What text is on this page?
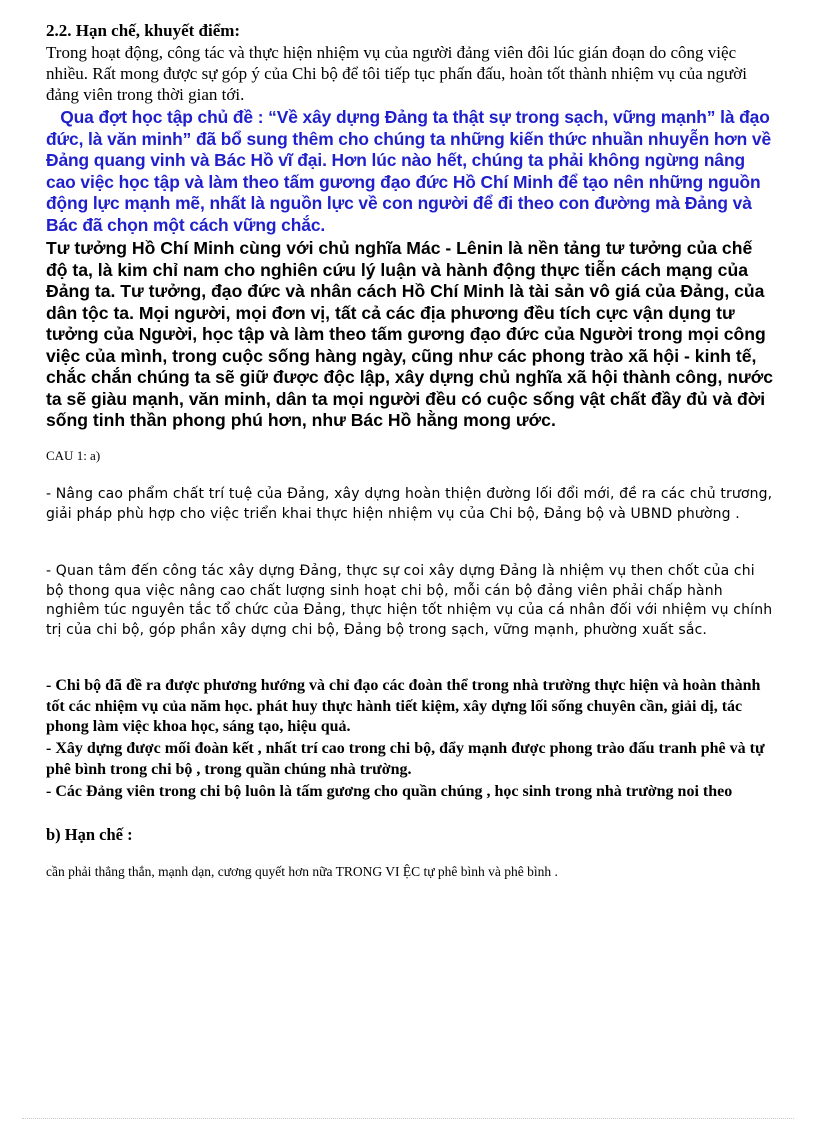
2.2. Hạn chế, khuyết điểm:

Trong hoạt động, công tác và thực hiện nhiệm vụ của người đảng viên đôi lúc gián đoạn do công việc nhiều. Rất mong được sự góp ý của Chi bộ để tôi tiếp tục phấn đấu, hoàn tốt thành nhiệm vụ của người đảng viên trong thời gian tới.

Qua đợt học tập chủ đề : “Về xây dựng Đảng ta thật sự trong sạch, vững mạnh” là đạo đức, là văn minh” đã bổ sung thêm cho chúng ta những kiến thức nhuần nhuyễn hơn về Đảng quang vinh và Bác Hồ vĩ đại. Hơn lúc nào hết, chúng ta phải không ngừng nâng cao việc học tập và làm theo tấm gương đạo đức Hồ Chí Minh để tạo nên những nguồn động lực mạnh mẽ, nhất là nguồn lực về con người để đi theo con đường mà Đảng và Bác đã chọn một cách vững chắc.

Tư tưởng Hồ Chí Minh cùng với chủ nghĩa Mác - Lênin là nền tảng tư tưởng của chế độ ta, là kim chỉ nam cho nghiên cứu lý luận và hành động thực tiễn cách mạng của Đảng ta. Tư tưởng, đạo đức và nhân cách Hồ Chí Minh là tài sản vô giá của Đảng, của dân tộc ta. Mọi người, mọi đơn vị, tất cả các địa phương đều tích cực vận dụng tư tưởng của Người, học tập và làm theo tấm gương đạo đức của Người trong mọi công việc của mình, trong cuộc sống hàng ngày, cũng như các phong trào xã hội - kinh tế, chắc chắn chúng ta sẽ giữ được độc lập, xây dựng chủ nghĩa xã hội thành công, nước ta sẽ giàu mạnh, văn minh, dân ta mọi người đều có cuộc sống vật chất đầy đủ và đời sống tinh thần phong phú hơn, như Bác Hồ hằng mong ước.

CAU 1: a)

- Nâng cao phẩm chất trí tuệ của Đảng, xây dựng hoàn thiện đường lối đổi mới, đề ra các chủ trương, giải pháp phù hợp cho việc triển khai thực hiện nhiệm vụ của Chi bộ, Đảng bộ và UBND phường .

- Quan tâm đến công tác xây dựng Đảng, thực sự coi xây dựng Đảng là nhiệm vụ then chốt của chi bộ thong qua việc nâng cao chất lượng sinh hoạt chi bộ, mỗi cán bộ đảng viên phải chấp hành nghiêm túc nguyên tắc tổ chức của Đảng, thực hiện tốt nhiệm vụ của cá nhân đối với nhiệm vụ chính trị của chi bộ, góp phần xây dựng chi bộ, Đảng bộ trong sạch, vững mạnh, phường xuất sắc.

- Chi bộ đã đề ra được phương hướng và chỉ đạo các đoàn thể trong nhà trường thực hiện và hoàn thành tốt các nhiệm vụ của năm học. phát huy thực hành tiết kiệm, xây dựng lối sống chuyên cần, giải dị, tác phong làm việc khoa học, sáng tạo, hiệu quả.

- Xây dựng được mối đoàn kết , nhất trí cao trong chi bộ, đẩy mạnh được phong trào đấu tranh phê và tự phê bình trong chi bộ , trong quần chúng nhà trường.

- Các Đảng viên trong chi bộ luôn là tấm gương cho quần chúng , học sinh trong nhà trường noi theo

b) Hạn chế :

cần phải thẳng thắn, mạnh dạn, cương quyết hơn nữa TRONG VI ỆC tự phê bình và phê bình .
